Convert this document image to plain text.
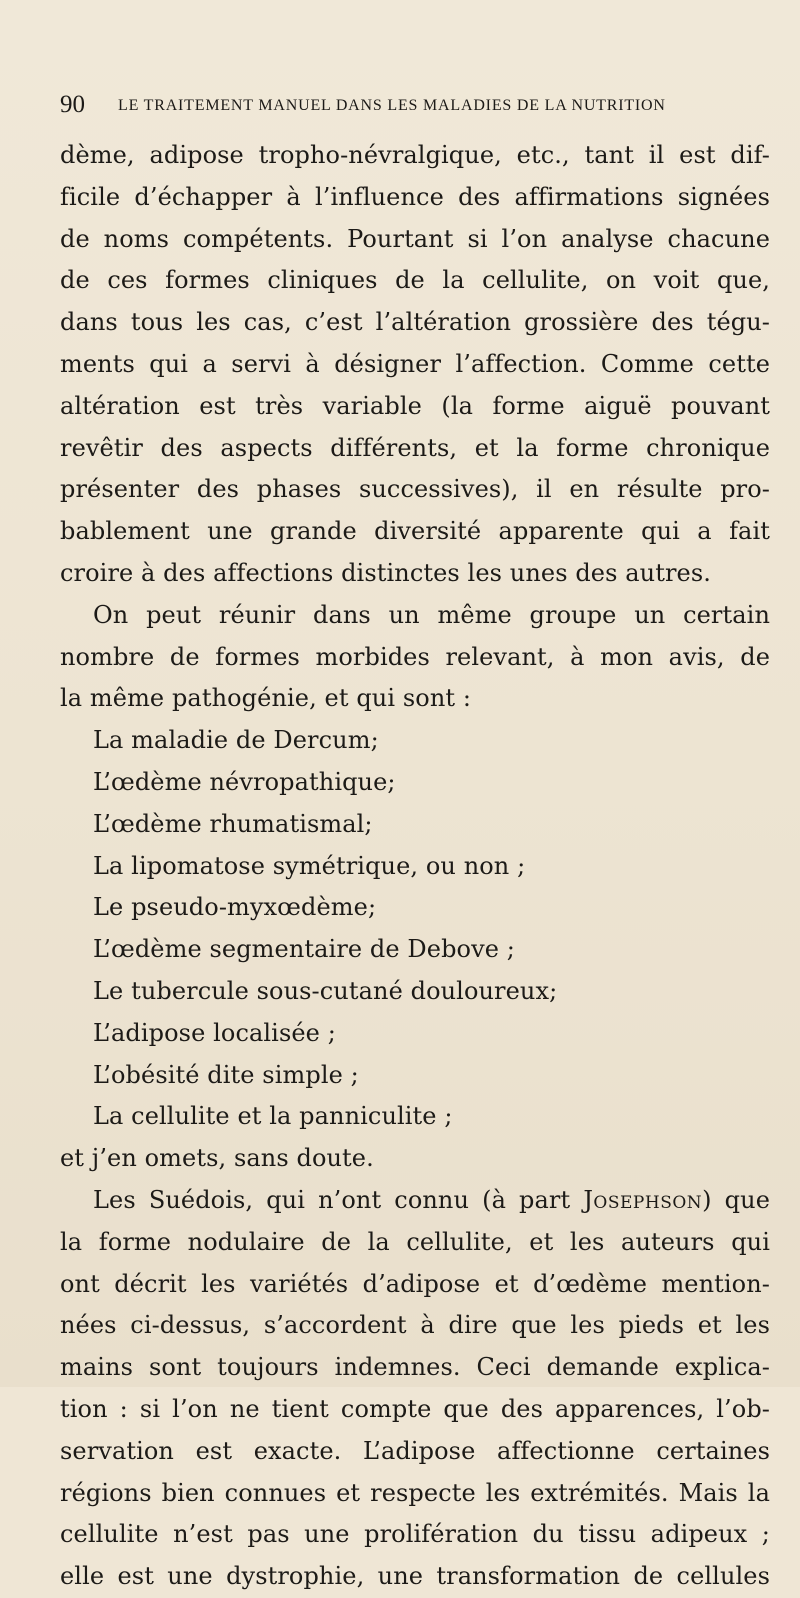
90 LE TRAITEMENT MANUEL DANS LES MALADIES DE LA NUTRITION
dème, adipose tropho-névralgique, etc., tant il est dif-
ficile d’échapper à l’influence des affirmations signées
de noms compétents. Pourtant si l’on analyse chacune
de ces formes cliniques de la cellulite, on voit que,
dans tous les cas, c’est l’altération grossière des tégu-
ments qui a servi à désigner l’affection. Comme cette
altération est très variable (la forme aiguë pouvant
revêtir des aspects différents, et la forme chronique
présenter des phases successives), il en résulte pro-
bablement une grande diversité apparente qui a fait
croire à des affections distinctes les unes des autres.
On peut réunir dans un même groupe un certain
nombre de formes morbides relevant, à mon avis, de
la même pathogénie, et qui sont :
La maladie de Dercum;
L’œdème névropathique;
L’œdème rhumatismal;
La lipomatose symétrique, ou non ;
Le pseudo-myxœdème;
L’œdème segmentaire de Debove ;
Le tubercule sous-cutané douloureux;
L’adipose localisée ;
L’obésité dite simple ;
La cellulite et la panniculite ;
et j’en omets, sans doute.
Les Suédois, qui n’ont connu (à part Josephson) que
la forme nodulaire de la cellulite, et les auteurs qui
ont décrit les variétés d’adipose et d’œdème mention-
nées ci-dessus, s’accordent à dire que les pieds et les
mains sont toujours indemnes. Ceci demande explica-
tion : si l’on ne tient compte que des apparences, l’ob-
servation est exacte. L’adipose affectionne certaines
régions bien connues et respecte les extrémités. Mais la
cellulite n’est pas une prolifération du tissu adipeux ;
elle est une dystrophie, une transformation de cellules
